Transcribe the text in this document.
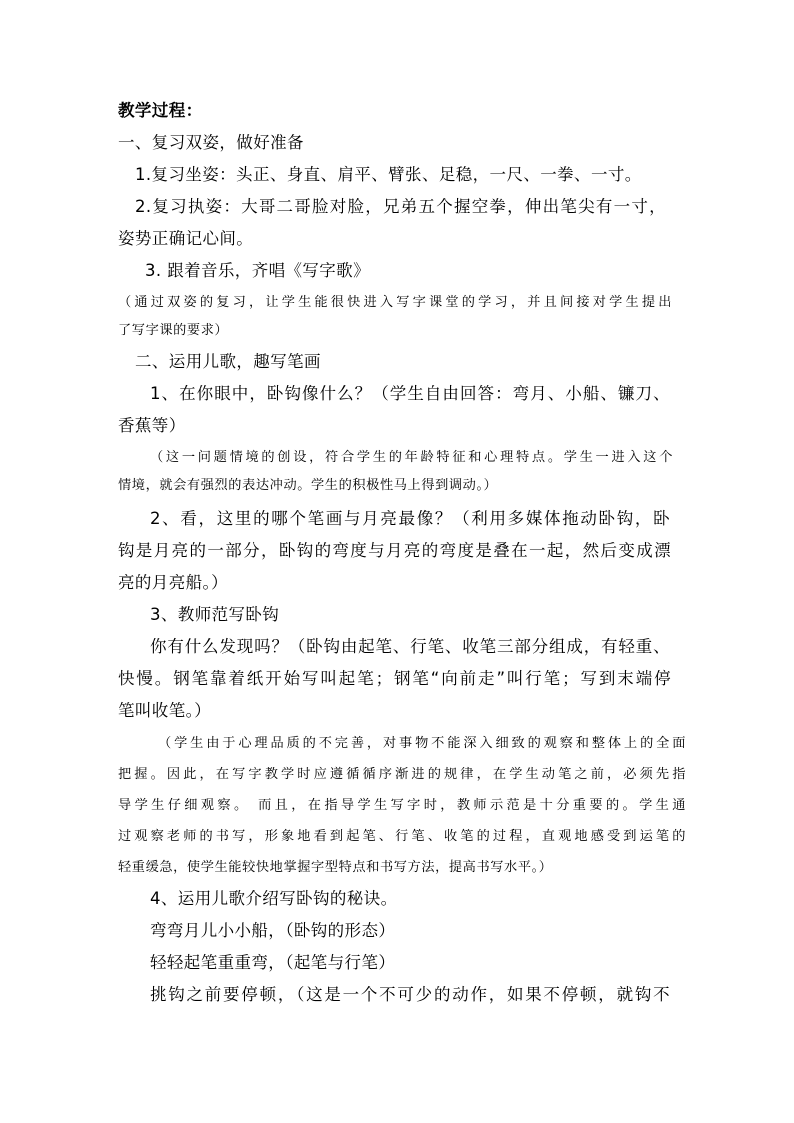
教学过程：
一、复习双姿，做好准备
1.复习坐姿：头正、身直、肩平、臂张、足稳，一尺、一拳、一寸。
2.复习执姿：大哥二哥脸对脸，兄弟五个握空拳，伸出笔尖有一寸，
姿势正确记心间。
3. 跟着音乐，齐唱《写字歌》
（通过双姿的复习，让学生能很快进入写字课堂的学习，并且间接对学生提出
了写字课的要求）
二、运用儿歌，趣写笔画
1、在你眼中，卧钩像什么？（学生自由回答：弯月、小船、镰刀、
香蕉等）
（这一问题情境的创设，符合学生的年龄特征和心理特点。学生一进入这个
情境，就会有强烈的表达冲动。学生的积极性马上得到调动。）
2、看，这里的哪个笔画与月亮最像？（利用多媒体拖动卧钩，卧
钩是月亮的一部分，卧钩的弯度与月亮的弯度是叠在一起，然后变成漂
亮的月亮船。）
3、教师范写卧钩
你有什么发现吗？（卧钩由起笔、行笔、收笔三部分组成，有轻重、
快慢。钢笔靠着纸开始写叫起笔；钢笔“向前走”叫行笔；写到末端停
笔叫收笔。）
（学生由于心理品质的不完善，对事物不能深入细致的观察和整体上的全面
把握。因此，在写字教学时应遵循循序渐进的规律，在学生动笔之前，必须先指
导学生仔细观察。 而且，在指导学生写字时，教师示范是十分重要的。学生通
过观察老师的书写，形象地看到起笔、行笔、收笔的过程，直观地感受到运笔的
轻重缓急，使学生能较快地掌握字型特点和书写方法，提高书写水平。）
4、运用儿歌介绍写卧钩的秘诀。
弯弯月儿小小船，（卧钩的形态）
轻轻起笔重重弯，（起笔与行笔）
挑钩之前要停顿，（这是一个不可少的动作，如果不停顿，就钩不
